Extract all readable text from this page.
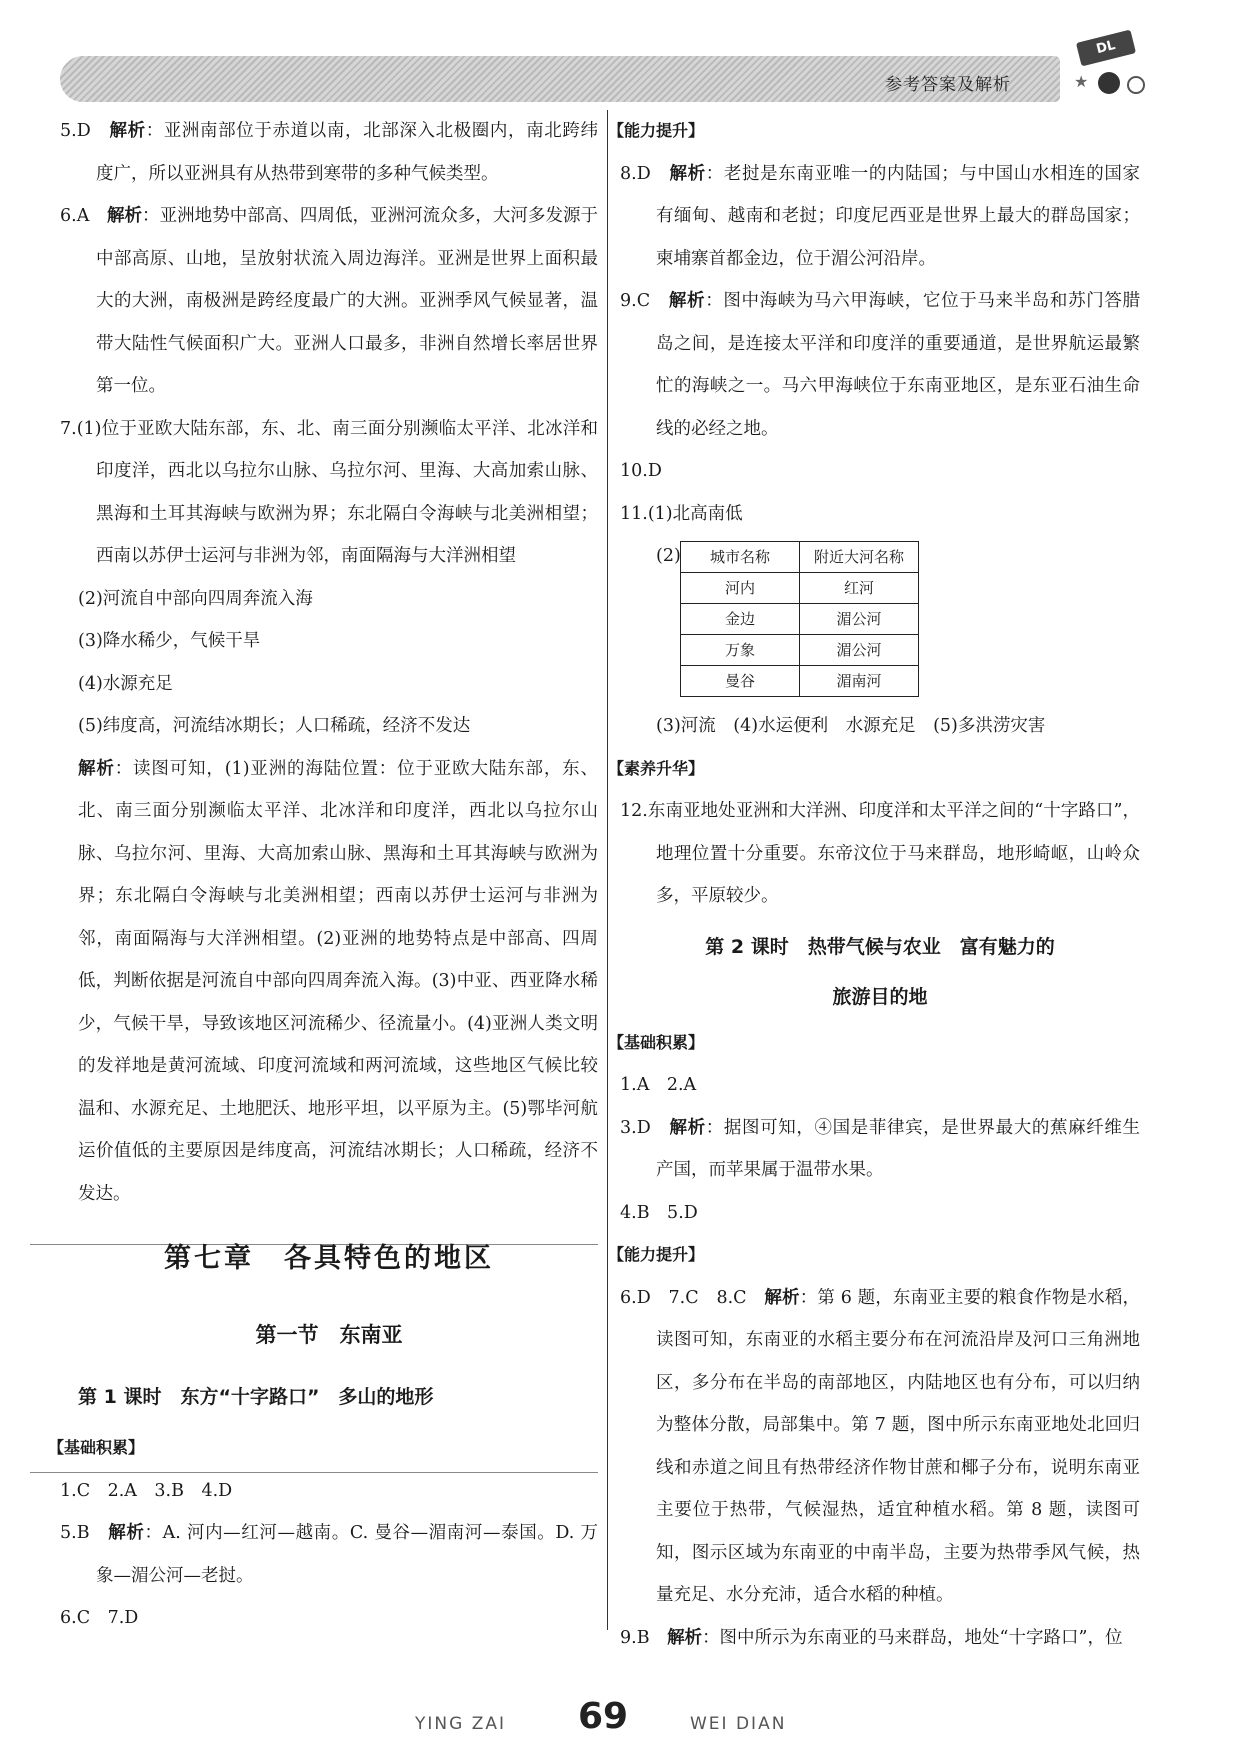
参考答案及解析
DL
★

5.D　 解析：亚洲南部位于赤道以南，北部深入北极圈内，南北跨纬度广，所以亚洲具有从热带到寒带的多种气候类型。

6.A　 解析：亚洲地势中部高、四周低，亚洲河流众多，大河多发源于中部高原、山地，呈放射状流入周边海洋。亚洲是世界上面积最大的大洲，南极洲是跨经度最广的大洲。亚洲季风气候显著，温带大陆性气候面积广大。亚洲人口最多，非洲自然增长率居世界第一位。

7.(1)位于亚欧大陆东部，东、北、南三面分别濒临太平洋、北冰洋和印度洋，西北以乌拉尔山脉、乌拉尔河、里海、大高加索山脉、黑海和土耳其海峡与欧洲为界；东北隔白令海峡与北美洲相望；西南以苏伊士运河与非洲为邻，南面隔海与大洋洲相望

(2)河流自中部向四周奔流入海

(3)降水稀少，气候干旱

(4)水源充足

(5)纬度高，河流结冰期长；人口稀疏，经济不发达

解析：读图可知，(1)亚洲的海陆位置：位于亚欧大陆东部，东、北、南三面分别濒临太平洋、北冰洋和印度洋，西北以乌拉尔山脉、乌拉尔河、里海、大高加索山脉、黑海和土耳其海峡与欧洲为界；东北隔白令海峡与北美洲相望；西南以苏伊士运河与非洲为邻，南面隔海与大洋洲相望。(2)亚洲的地势特点是中部高、四周低，判断依据是河流自中部向四周奔流入海。(3)中亚、西亚降水稀少，气候干旱，导致该地区河流稀少、径流量小。(4)亚洲人类文明的发祥地是黄河流域、印度河流域和两河流域，这些地区气候比较温和、水源充足、土地肥沃、地形平坦，以平原为主。(5)鄂毕河航运价值低的主要原因是纬度高，河流结冰期长；人口稀疏，经济不发达。

第七章　各具特色的地区
第一节　东南亚
第 1 课时　东方“十字路口”　多山的地形
【基础积累】

1.C　2.A　3.B　4.D

5.B　 解析：A. 河内—红河—越南。C. 曼谷—湄南河—泰国。D. 万象—湄公河—老挝。

6.C　7.D

【能力提升】

8.D　 解析：老挝是东南亚唯一的内陆国；与中国山水相连的国家有缅甸、越南和老挝；印度尼西亚是世界上最大的群岛国家；柬埔寨首都金边，位于湄公河沿岸。

9.C　 解析：图中海峡为马六甲海峡，它位于马来半岛和苏门答腊岛之间，是连接太平洋和印度洋的重要通道，是世界航运最繁忙的海峡之一。马六甲海峡位于东南亚地区，是东亚石油生命线的必经之地。

10.D

11.(1)北高南低

(2) 城市名称	附近大河名称
河内	红河
金边	湄公河
万象	湄公河
曼谷	湄南河

(3)河流　(4)水运便利　水源充足　(5)多洪涝灾害

【素养升华】

12.东南亚地处亚洲和大洋洲、印度洋和太平洋之间的“十字路口”，地理位置十分重要。东帝汶位于马来群岛，地形崎岖，山岭众多，平原较少。

第 2 课时　热带气候与农业　富有魅力的
旅游目的地
【基础积累】

1.A　2.A

3.D　 解析：据图可知，④国是菲律宾，是世界最大的蕉麻纤维生产国，而苹果属于温带水果。

4.B　5.D

【能力提升】

6.D　7.C　8.C　 解析：第 6 题，东南亚主要的粮食作物是水稻，读图可知，东南亚的水稻主要分布在河流沿岸及河口三角洲地区，多分布在半岛的南部地区，内陆地区也有分布，可以归纳为整体分散，局部集中。第 7 题，图中所示东南亚地处北回归线和赤道之间且有热带经济作物甘蔗和椰子分布，说明东南亚主要位于热带，气候湿热，适宜种植水稻。第 8 题，读图可知，图示区域为东南亚的中南半岛，主要为热带季风气候，热量充足、水分充沛，适合水稻的种植。

9.B　 解析：图中所示为东南亚的马来群岛，地处“十字路口”，位

YING ZAI 69	WEI DIAN
